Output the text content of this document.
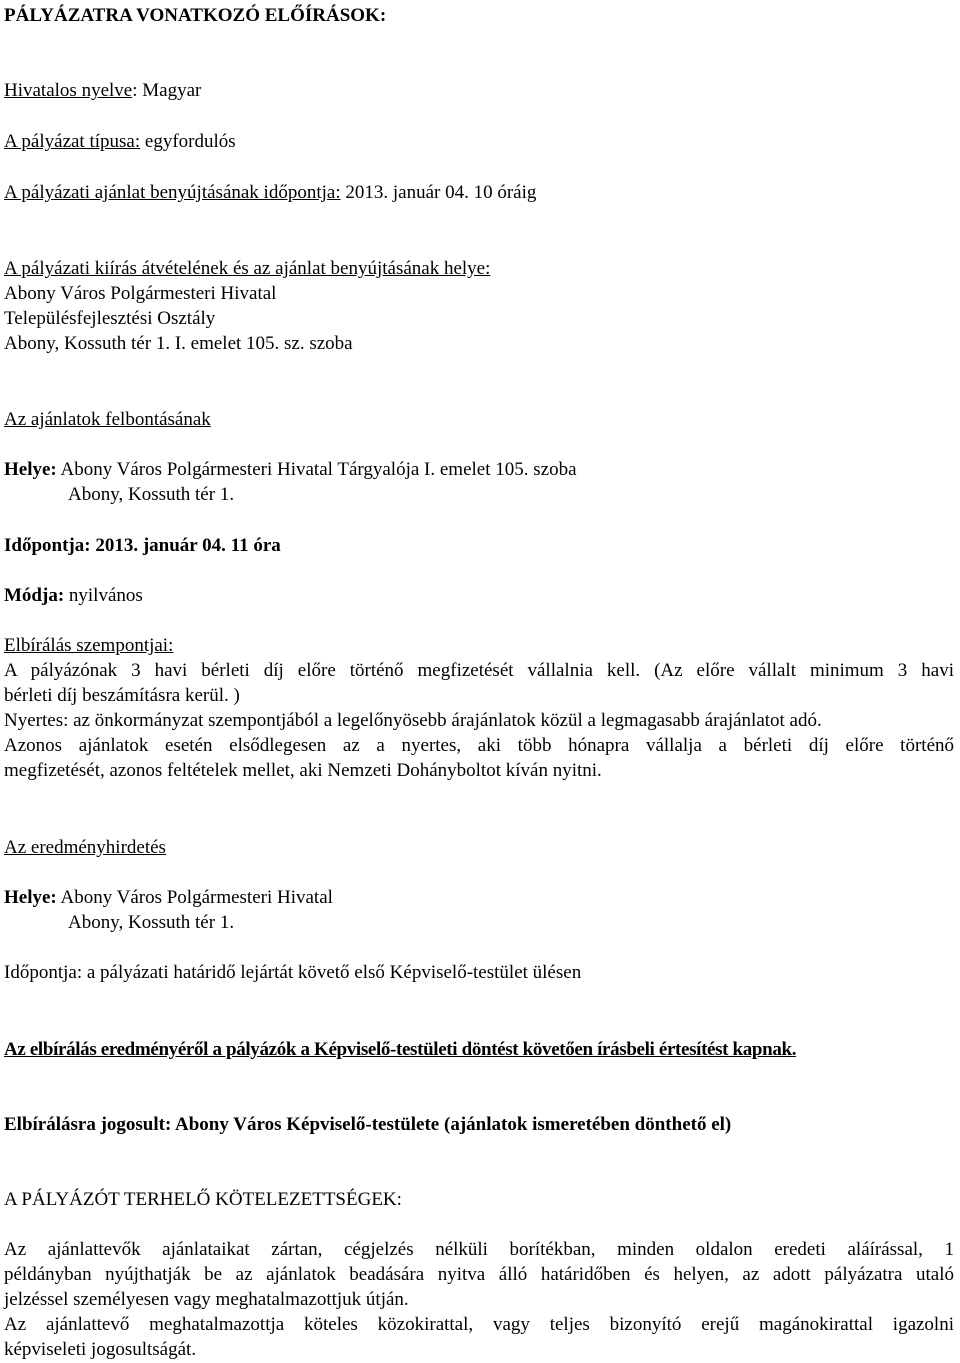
PÁLYÁZATRA VONATKOZÓ ELŐÍRÁSOK:
Hivatalos nyelve: Magyar
A pályázat típusa: egyfordulós
A pályázati ajánlat benyújtásának időpontja: 2013. január 04. 10 óráig
A pályázati kiírás átvételének és az ajánlat benyújtásának helye:
Abony Város Polgármesteri Hivatal
Településfejlesztési Osztály
Abony, Kossuth tér 1. I. emelet 105. sz. szoba
Az ajánlatok felbontásának
Helye: Abony Város Polgármesteri Hivatal Tárgyalója I. emelet 105. szoba
Abony, Kossuth tér 1.
Időpontja: 2013. január 04. 11 óra
Módja: nyilvános
Elbírálás szempontjai:
A pályázónak 3 havi bérleti díj előre történő megfizetését vállalnia kell. (Az előre vállalt minimum 3 havi
bérleti díj beszámításra kerül. )
Nyertes: az önkormányzat szempontjából a legelőnyösebb árajánlatok közül a legmagasabb árajánlatot adó.
Azonos ajánlatok esetén elsődlegesen az a nyertes, aki több hónapra vállalja a bérleti díj előre történő
megfizetését, azonos feltételek mellet, aki Nemzeti Dohányboltot kíván nyitni.
Az eredményhirdetés
Helye: Abony Város Polgármesteri Hivatal
Abony, Kossuth tér 1.
Időpontja: a pályázati határidő lejártát követő első Képviselő-testület ülésen
Az elbírálás eredményéről a pályázók a Képviselő-testületi döntést követően írásbeli értesítést kapnak.
Elbírálásra jogosult: Abony Város Képviselő-testülete (ajánlatok ismeretében dönthető el)
A PÁLYÁZÓT TERHELŐ KÖTELEZETTSÉGEK:
Az ajánlattevők ajánlataikat zártan, cégjelzés nélküli borítékban, minden oldalon eredeti aláírással, 1
példányban nyújthatják be az ajánlatok beadására nyitva álló határidőben és helyen, az adott pályázatra utaló
jelzéssel személyesen vagy meghatalmazottjuk útján.
Az ajánlattevő meghatalmazottja köteles közokirattal, vagy teljes bizonyító erejű magánokirattal igazolni
képviseleti jogosultságát.
